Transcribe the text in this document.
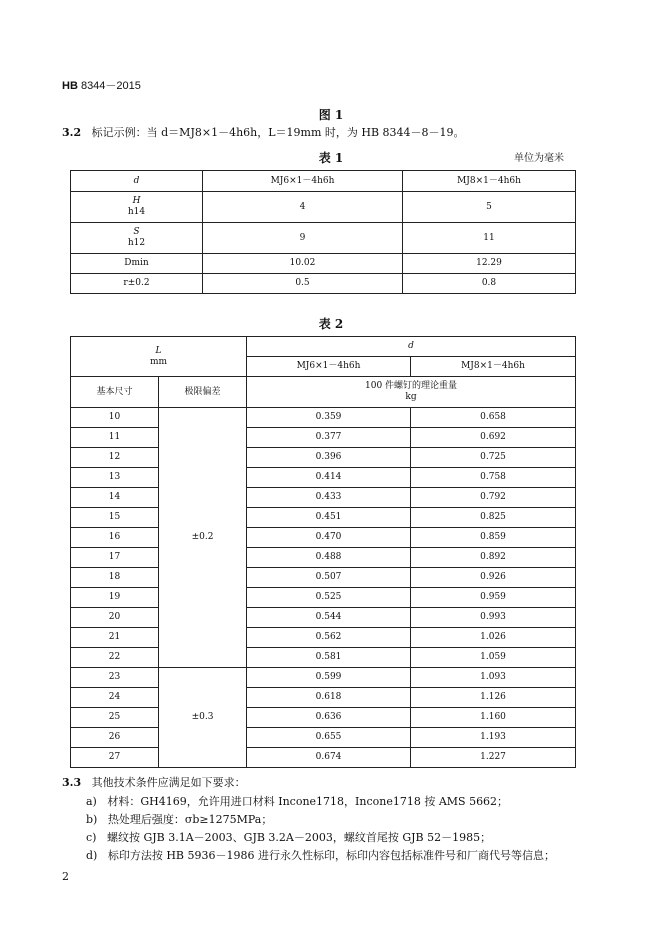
HB 8344－2015
图 1
3.2 标记示例：当 d＝MJ8×1－4h6h，L＝19mm 时，为 HB 8344－8－19。
表 1	单位为毫米
d	MJ6×1－4h6h	MJ8×1－4h6h
H
h14	4	5
S
h12	9	11
Dmin	10.02	12.29
r±0.2	0.5	0.8
表 2
L
mm		d	
		MJ6×1－4h6h	MJ8×1－4h6h
基本尺寸	极限偏差	100 件螺钉的理论重量
kg	
10	±0.2	0.359	0.658
11		0.377	0.692
12		0.396	0.725
13		0.414	0.758
14		0.433	0.792
15		0.451	0.825
16		0.470	0.859
17		0.488	0.892
18		0.507	0.926
19		0.525	0.959
20		0.544	0.993
21		0.562	1.026
22		0.581	1.059
23	±0.3	0.599	1.093
24		0.618	1.126
25		0.636	1.160
26		0.655	1.193
27		0.674	1.227
3.3 其他技术条件应满足如下要求：
a) 材料：GH4169，允许用进口材料 Incone1718，Incone1718 按 AMS 5662；
b) 热处理后强度：σb≥1275MPa；
c) 螺纹按 GJB 3.1A－2003、GJB 3.2A－2003，螺纹首尾按 GJB 52－1985；
d) 标印方法按 HB 5936－1986 进行永久性标印，标印内容包括标准件号和厂商代号等信息；
2
